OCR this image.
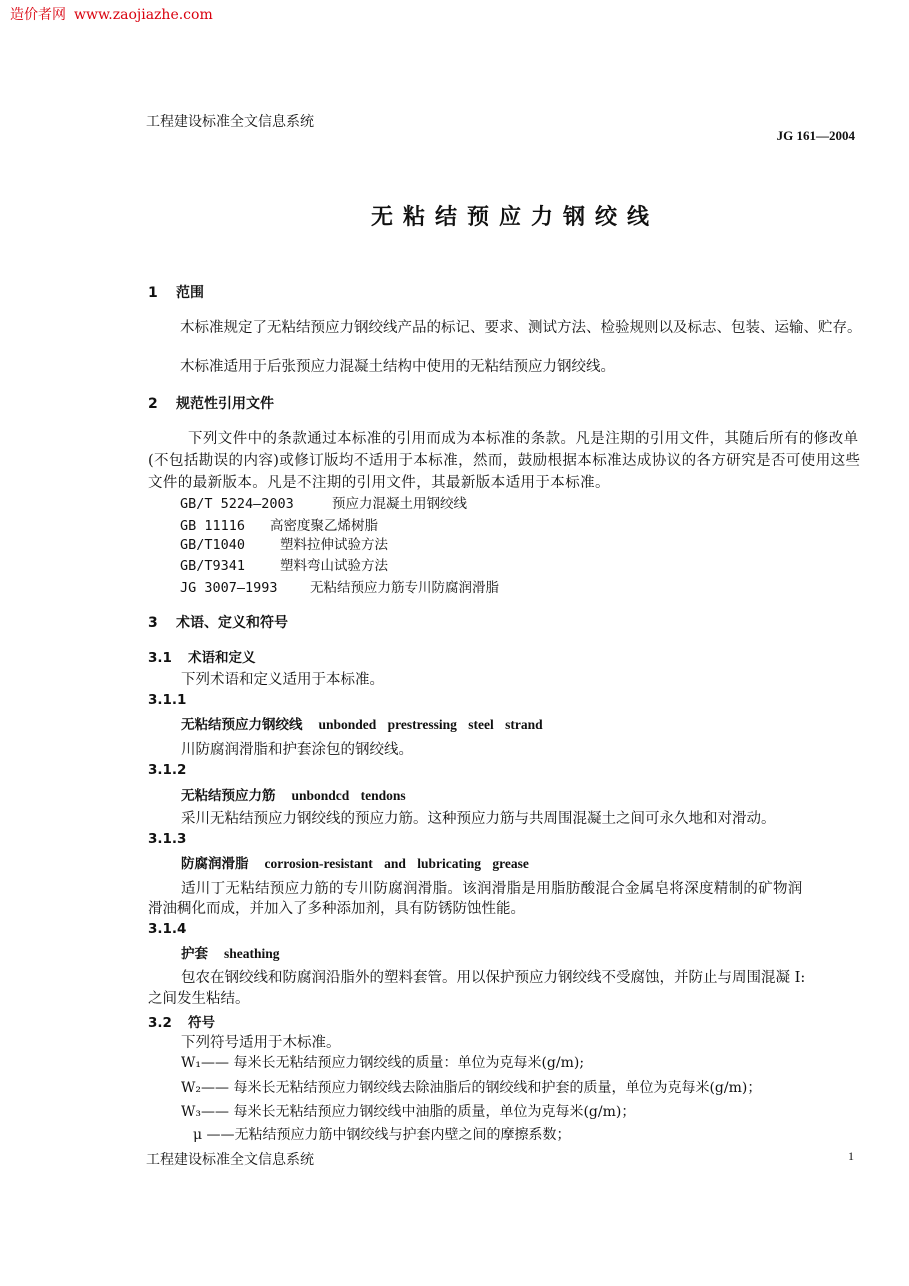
造价者网 www.zaojiazhe.com
工程建设标准全文信息系统
JG 161—2004
无粘结预应力钢绞线
1 范围
木标准规定了无粘结预应力钢绞线产品的标记、要求、测试方法、检验规则以及标志、包装、运输、贮存。
木标准适用于后张预应力混凝土结构中使用的无粘结预应力钢绞线。
2 规范性引用文件
下列文件中的条款通过本标准的引用而成为本标准的条款。凡是注期的引用文件，其随后所有的修改单(不包括勘误的内容)或修订版均不适用于本标准，然而，鼓励根据本标准达成协议的各方研究是否可使用这些文件的最新版本。凡是不注期的引用文件，其最新版本适用于本标准。
GB/T 5224—2003	预应力混凝土用钢绞线
GB 11116 高密度聚乙烯树脂
GB/T1040	塑料拉伸试验方法
GB/T9341	塑料弯山试验方法
JG 3007—1993 无粘结预应力筋专川防腐润滑脂
3 术语、定义和符号
3.1 术语和定义
下列术语和定义适用于本标准。
3.1.1
无粘结预应力钢绞线 unbonded prestressing steel strand
川防腐润滑脂和护套涂包的钢绞线。
3.1.2
无粘结预应力筋 unbondcd tendons
采川无粘结预应力钢绞线的预应力筋。这种预应力筋与共周围混凝土之间可永久地和对滑动。
3.1.3
防腐润滑脂 corrosion-resistant and lubricating grease
适川丁无粘结预应力筋的专川防腐润滑脂。该润滑脂是用脂肪酸混合金属皂将深度精制的矿物润
滑油稠化而成，并加入了多种添加剂，具有防锈防蚀性能。
3.1.4
护套 sheathing
包农在钢绞线和防腐润沿脂外的塑料套管。用以保护预应力钢绞线不受腐蚀，并防止与周围混凝 I:
之间发生粘结。
3.2 符号
下列符号适用于木标准。
W₁—— 每米长无粘结预应力钢绞线的质量：单位为克每米(g/m);
W₂—— 每米长无粘结预应力钢绞线去除油脂后的钢绞线和护套的质量，单位为克每米(g/m)；
W₃—— 每米长无粘结预应力钢绞线中油脂的质量，单位为克每米(g/m)；
μ ——无粘结预应力筋中钢绞线与护套内壁之间的摩擦系数；
工程建设标准全文信息系统	1
